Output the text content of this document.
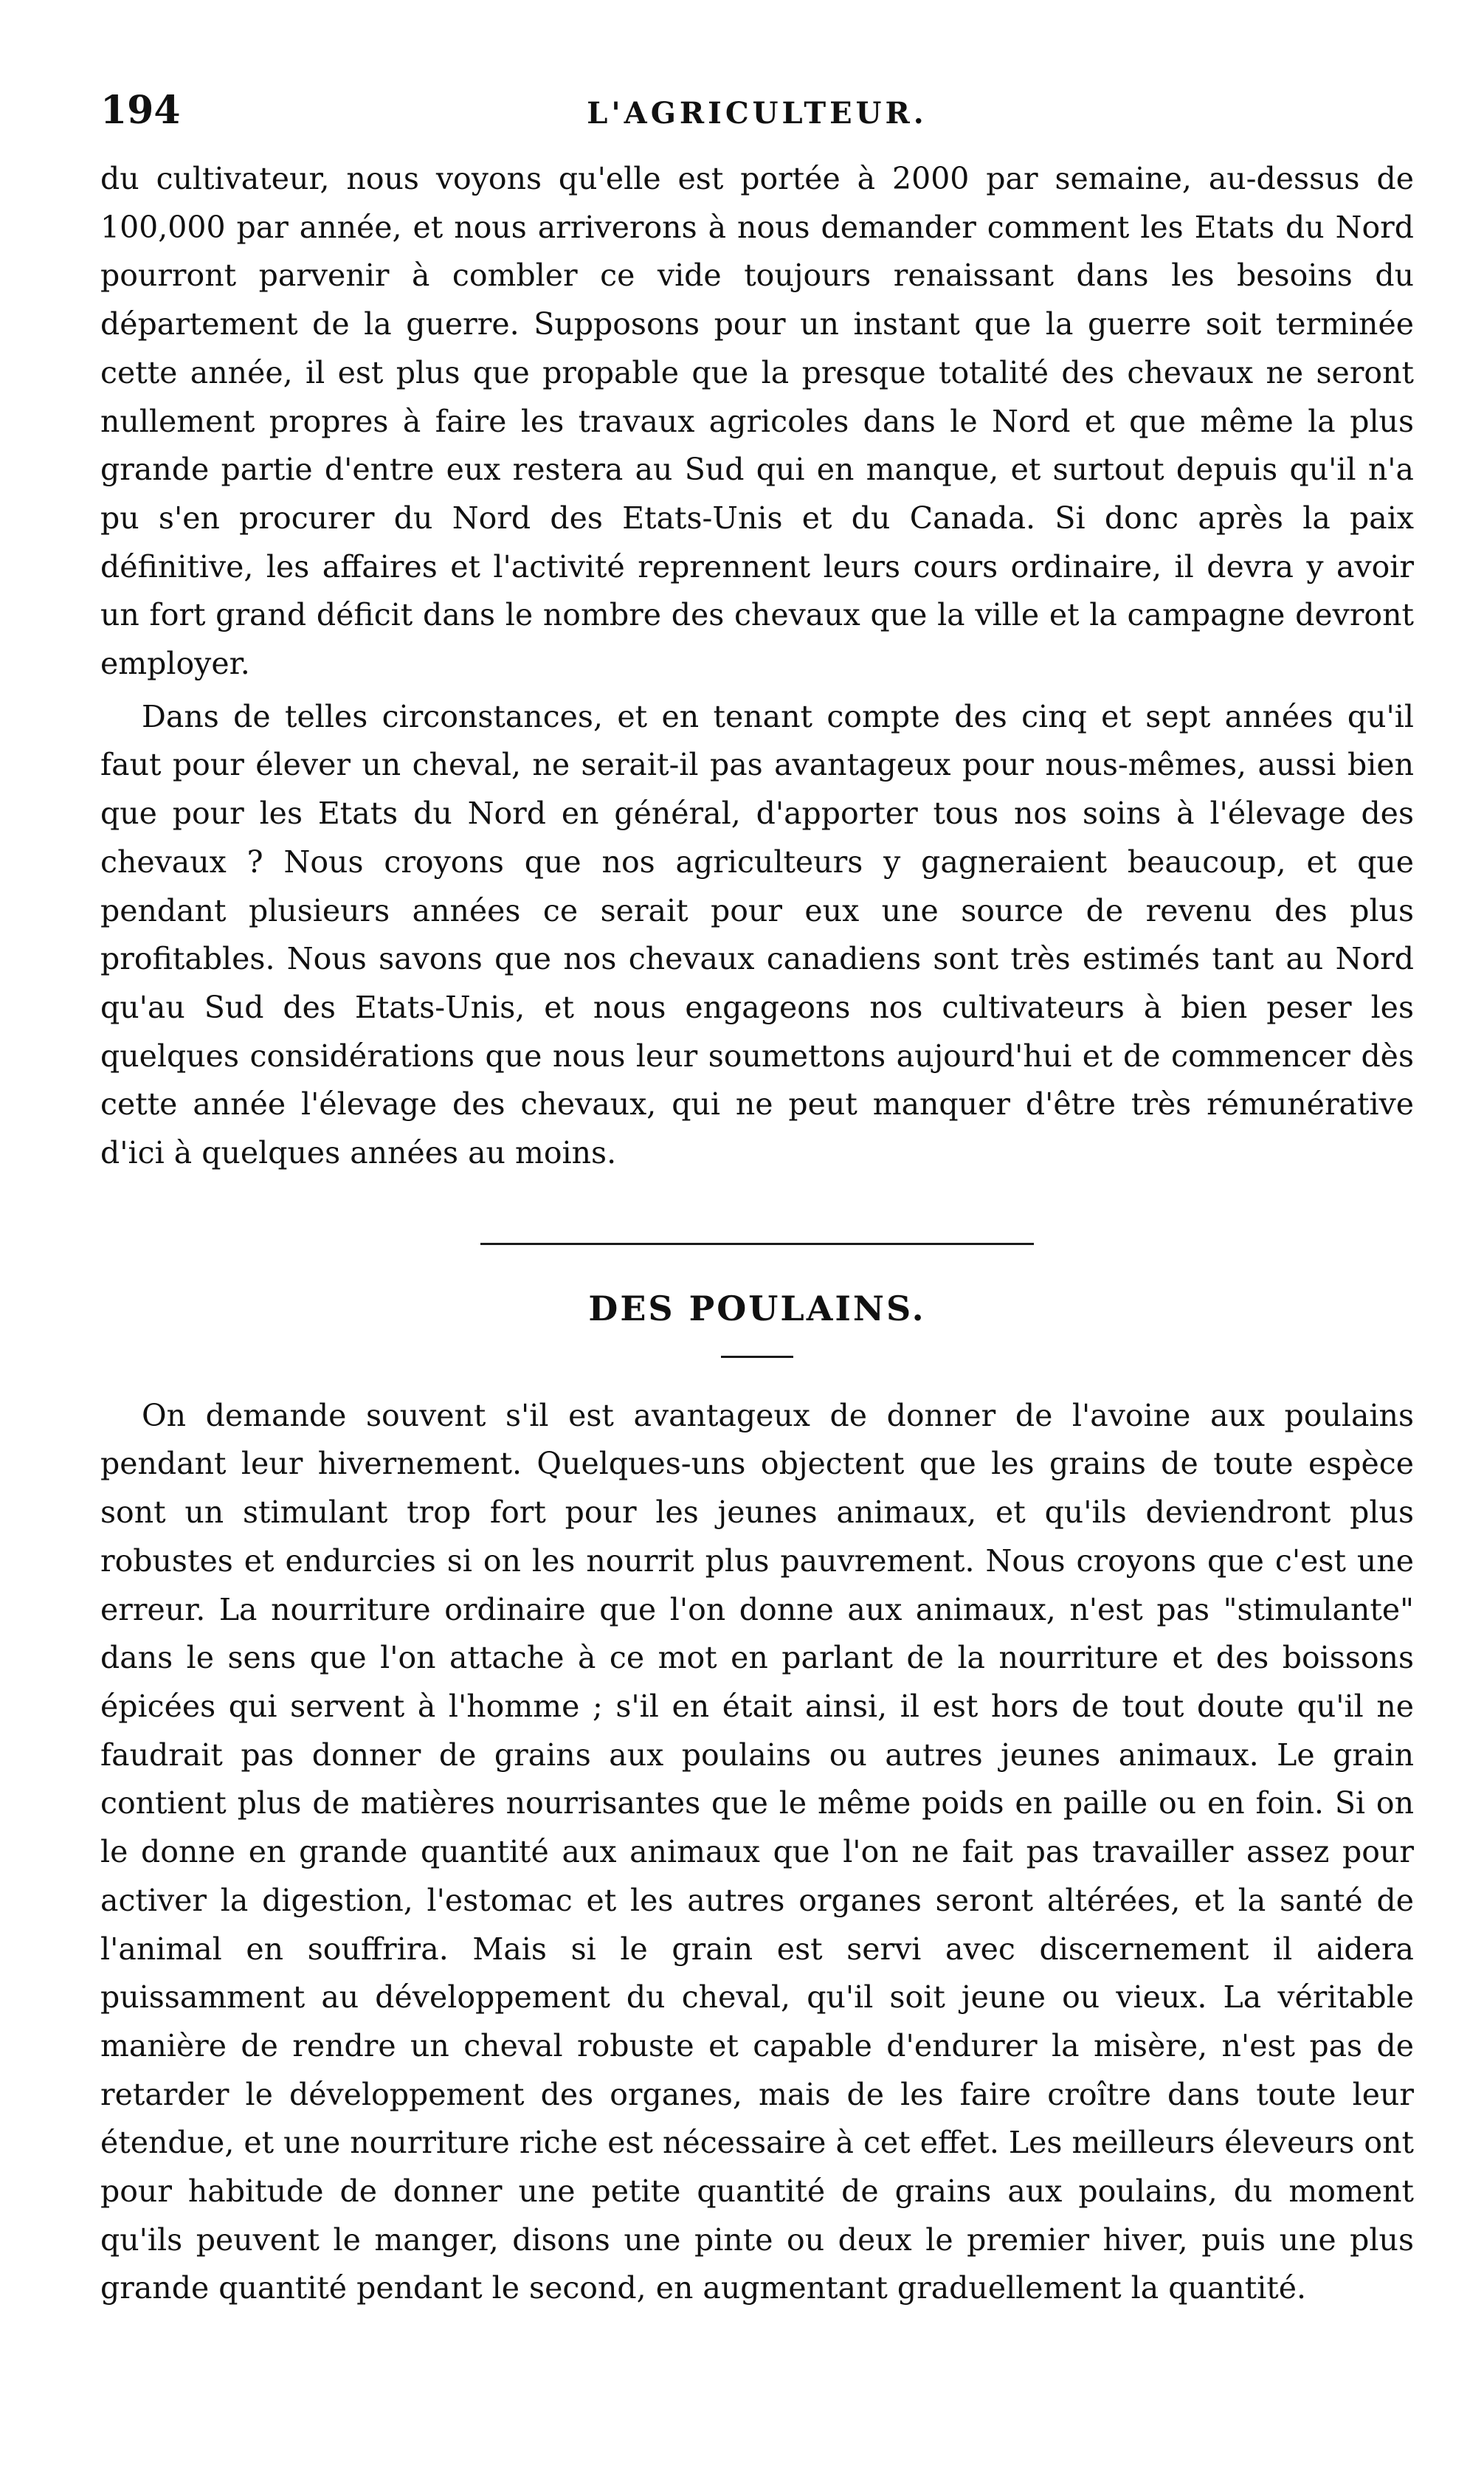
194	L'AGRICULTEUR.

du cultivateur, nous voyons qu'elle est portée à 2000 par semaine, au-dessus de 100,000 par année, et nous arriverons à nous demander comment les Etats du Nord pourront parvenir à combler ce vide toujours renaissant dans les besoins du département de la guerre. Supposons pour un instant que la guerre soit terminée cette année, il est plus que propable que la presque totalité des chevaux ne seront nullement propres à faire les travaux agricoles dans le Nord et que même la plus grande partie d'entre eux restera au Sud qui en manque, et surtout depuis qu'il n'a pu s'en procurer du Nord des Etats-Unis et du Canada. Si donc après la paix définitive, les affaires et l'activité reprennent leurs cours ordinaire, il devra y avoir un fort grand déficit dans le nombre des chevaux que la ville et la campagne devront employer.

Dans de telles circonstances, et en tenant compte des cinq et sept années qu'il faut pour élever un cheval, ne serait-il pas avantageux pour nous-mêmes, aussi bien que pour les Etats du Nord en général, d'apporter tous nos soins à l'élevage des chevaux ? Nous croyons que nos agriculteurs y gagneraient beaucoup, et que pendant plusieurs années ce serait pour eux une source de revenu des plus profitables. Nous savons que nos chevaux canadiens sont très estimés tant au Nord qu'au Sud des Etats-Unis, et nous engageons nos cultivateurs à bien peser les quelques considérations que nous leur soumettons aujourd'hui et de commencer dès cette année l'élevage des chevaux, qui ne peut manquer d'être très rémunérative d'ici à quelques années au moins.

DES POULAINS.

On demande souvent s'il est avantageux de donner de l'avoine aux poulains pendant leur hivernement. Quelques-uns objectent que les grains de toute espèce sont un stimulant trop fort pour les jeunes animaux, et qu'ils deviendront plus robustes et endurcies si on les nourrit plus pauvrement. Nous croyons que c'est une erreur. La nourriture ordinaire que l'on donne aux animaux, n'est pas "stimulante" dans le sens que l'on attache à ce mot en parlant de la nourriture et des boissons épicées qui servent à l'homme ; s'il en était ainsi, il est hors de tout doute qu'il ne faudrait pas donner de grains aux poulains ou autres jeunes animaux. Le grain contient plus de matières nourrisantes que le même poids en paille ou en foin. Si on le donne en grande quantité aux animaux que l'on ne fait pas travailler assez pour activer la digestion, l'estomac et les autres organes seront altérées, et la santé de l'animal en souffrira. Mais si le grain est servi avec discernement il aidera puissamment au développement du cheval, qu'il soit jeune ou vieux. La véritable manière de rendre un cheval robuste et capable d'endurer la misère, n'est pas de retarder le développement des organes, mais de les faire croître dans toute leur étendue, et une nourriture riche est nécessaire à cet effet. Les meilleurs éleveurs ont pour habitude de donner une petite quantité de grains aux poulains, du moment qu'ils peuvent le manger, disons une pinte ou deux le premier hiver, puis une plus grande quantité pendant le second, en augmentant graduellement la quantité.
